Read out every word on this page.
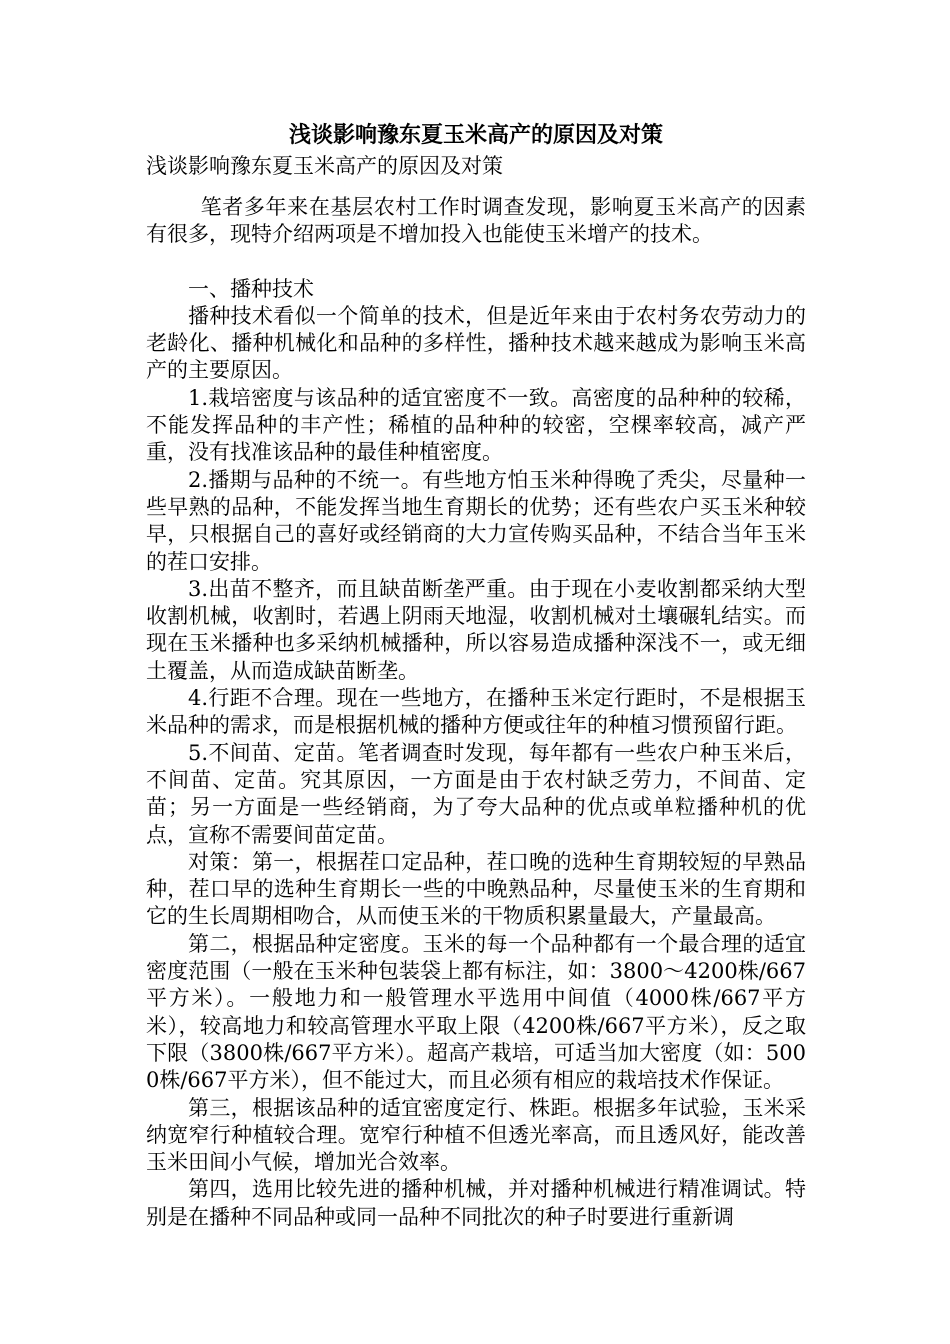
浅谈影响豫东夏玉米高产的原因及对策

浅谈影响豫东夏玉米高产的原因及对策

笔者多年来在基层农村工作时调查发现，影响夏玉米高产的因素有很多，现特介绍两项是不增加投入也能使玉米增产的技术。

一、播种技术

播种技术看似一个简单的技术，但是近年来由于农村务农劳动力的老龄化、播种机械化和品种的多样性，播种技术越来越成为影响玉米高产的主要原因。

1.栽培密度与该品种的适宜密度不一致。高密度的品种种的较稀，不能发挥品种的丰产性；稀植的品种种的较密，空棵率较高，减产严重，没有找准该品种的最佳种植密度。

2.播期与品种的不统一。有些地方怕玉米种得晚了秃尖，尽量种一些早熟的品种，不能发挥当地生育期长的优势；还有些农户买玉米种较早，只根据自己的喜好或经销商的大力宣传购买品种，不结合当年玉米的茬口安排。

3.出苗不整齐，而且缺苗断垄严重。由于现在小麦收割都采纳大型收割机械，收割时，若遇上阴雨天地湿，收割机械对土壤碾轧结实。而现在玉米播种也多采纳机械播种，所以容易造成播种深浅不一，或无细土覆盖，从而造成缺苗断垄。

4.行距不合理。现在一些地方，在播种玉米定行距时，不是根据玉米品种的需求，而是根据机械的播种方便或往年的种植习惯预留行距。

5.不间苗、定苗。笔者调查时发现，每年都有一些农户种玉米后，不间苗、定苗。究其原因，一方面是由于农村缺乏劳力，不间苗、定苗；另一方面是一些经销商，为了夸大品种的优点或单粒播种机的优点，宣称不需要间苗定苗。

对策：第一，根据茬口定品种，茬口晚的选种生育期较短的早熟品种，茬口早的选种生育期长一些的中晚熟品种，尽量使玉米的生育期和它的生长周期相吻合，从而使玉米的干物质积累量最大，产量最高。

第二，根据品种定密度。玉米的每一个品种都有一个最合理的适宜密度范围（一般在玉米种包装袋上都有标注，如：3800～4200株/667平方米）。一般地力和一般管理水平选用中间值（4000株/667平方米），较高地力和较高管理水平取上限（4200株/667平方米），反之取下限（3800株/667平方米）。超高产栽培，可适当加大密度（如：5000株/667平方米），但不能过大，而且必须有相应的栽培技术作保证。

第三，根据该品种的适宜密度定行、株距。根据多年试验，玉米采纳宽窄行种植较合理。宽窄行种植不但透光率高，而且透风好，能改善玉米田间小气候，增加光合效率。

第四，选用比较先进的播种机械，并对播种机械进行精准调试。特别是在播种不同品种或同一品种不同批次的种子时要进行重新调
